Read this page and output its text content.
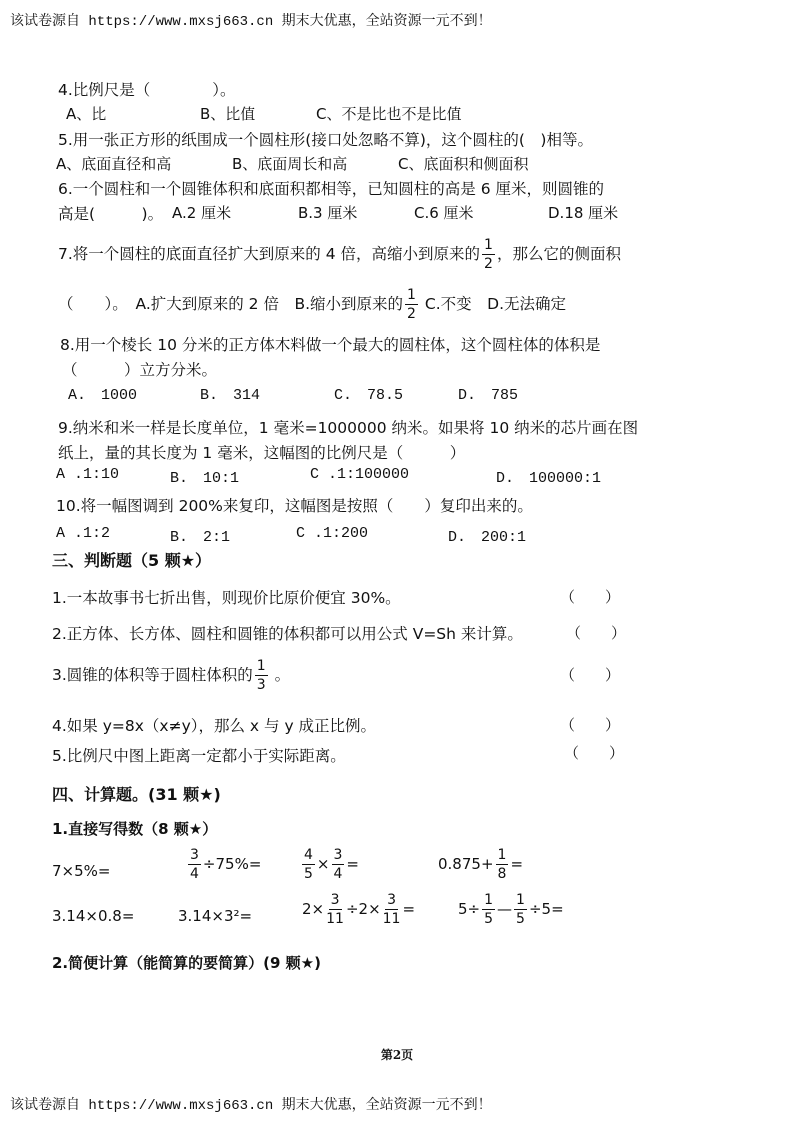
该试卷源自 https://www.mxsj663.cn 期末大优惠，全站资源一元不到！
4.比例尺是（　　　　）。
A、比	B、比值	C、不是比也不是比值
5.用一张正方形的纸围成一个圆柱形(接口处忽略不算)，这个圆柱的(　)相等。
A、底面直径和高	B、底面周长和高	C、底面积和侧面积
6.一个圆柱和一个圆锥体积和底面积都相等，已知圆柱的高是 6 厘米，则圆锥的
高是(　　　)。 A.2 厘米	B.3 厘米	C.6 厘米	D.18 厘米
7.将一个圆柱的底面直径扩大到原来的 4 倍，高缩小到原来的 $\frac{1}{2}$ ，那么它的侧面积
（　　）。　A.扩大到原来的 2 倍　B.缩小到原来的 $\frac{1}{2} C$.不变　D.无法确定
8.用一个棱长 10 分米的正方体木料做一个最大的圆柱体，这个圆柱体的体积是
（　　　）立方分米。
A.　1000	B.　314	C.　78.5	D.　785
9.纳米和米一样是长度单位，1 毫米=1000000 纳米。如果将 10 纳米的芯片画在图
纸上，量的其长度为 1 毫米，这幅图的比例尺是（　　　）
A .1:10	B.　10:1	C .1:100000	D.　100000:1
10.将一幅图调到 200%来复印，这幅图是按照（　　）复印出来的。
A .1:2	B.　2:1	C .1:200	D.　200:1
三、判断题（5 颗★）
1.一本故事书七折出售，则现价比原价便宜 30%。	（　　）
2.正方体、长方体、圆柱和圆锥的体积都可以用公式 V=Sh 来计算。	（　　）
3.圆锥的体积等于圆柱体积的 $\frac{1}{3}$ 。	（　　）
4.如果 y=8x（x≠y），那么 x 与 y 成正比例。	（　　）
5.比例尺中图上距离一定都小于实际距离。	（　　）
四、计算题。(31 颗★)
1.直接写得数（8 颗★）
7×5%=	$\frac{3}{4} \div 75\%=$	$\frac{4}{5} \times \frac{3}{4}$ =	$0.875+ \frac{1}{8}$ =
3.14×0.8=	3.14×3²=	$2\times \frac{3}{11} \div 2\times \frac{3}{11}$ =	$5\div \frac{1}{5}$ — $\frac{1}{5} \div 5=$
2.简便计算（能简算的要简算）(9 颗★)
第2页
该试卷源自 https://www.mxsj663.cn 期末大优惠，全站资源一元不到！
